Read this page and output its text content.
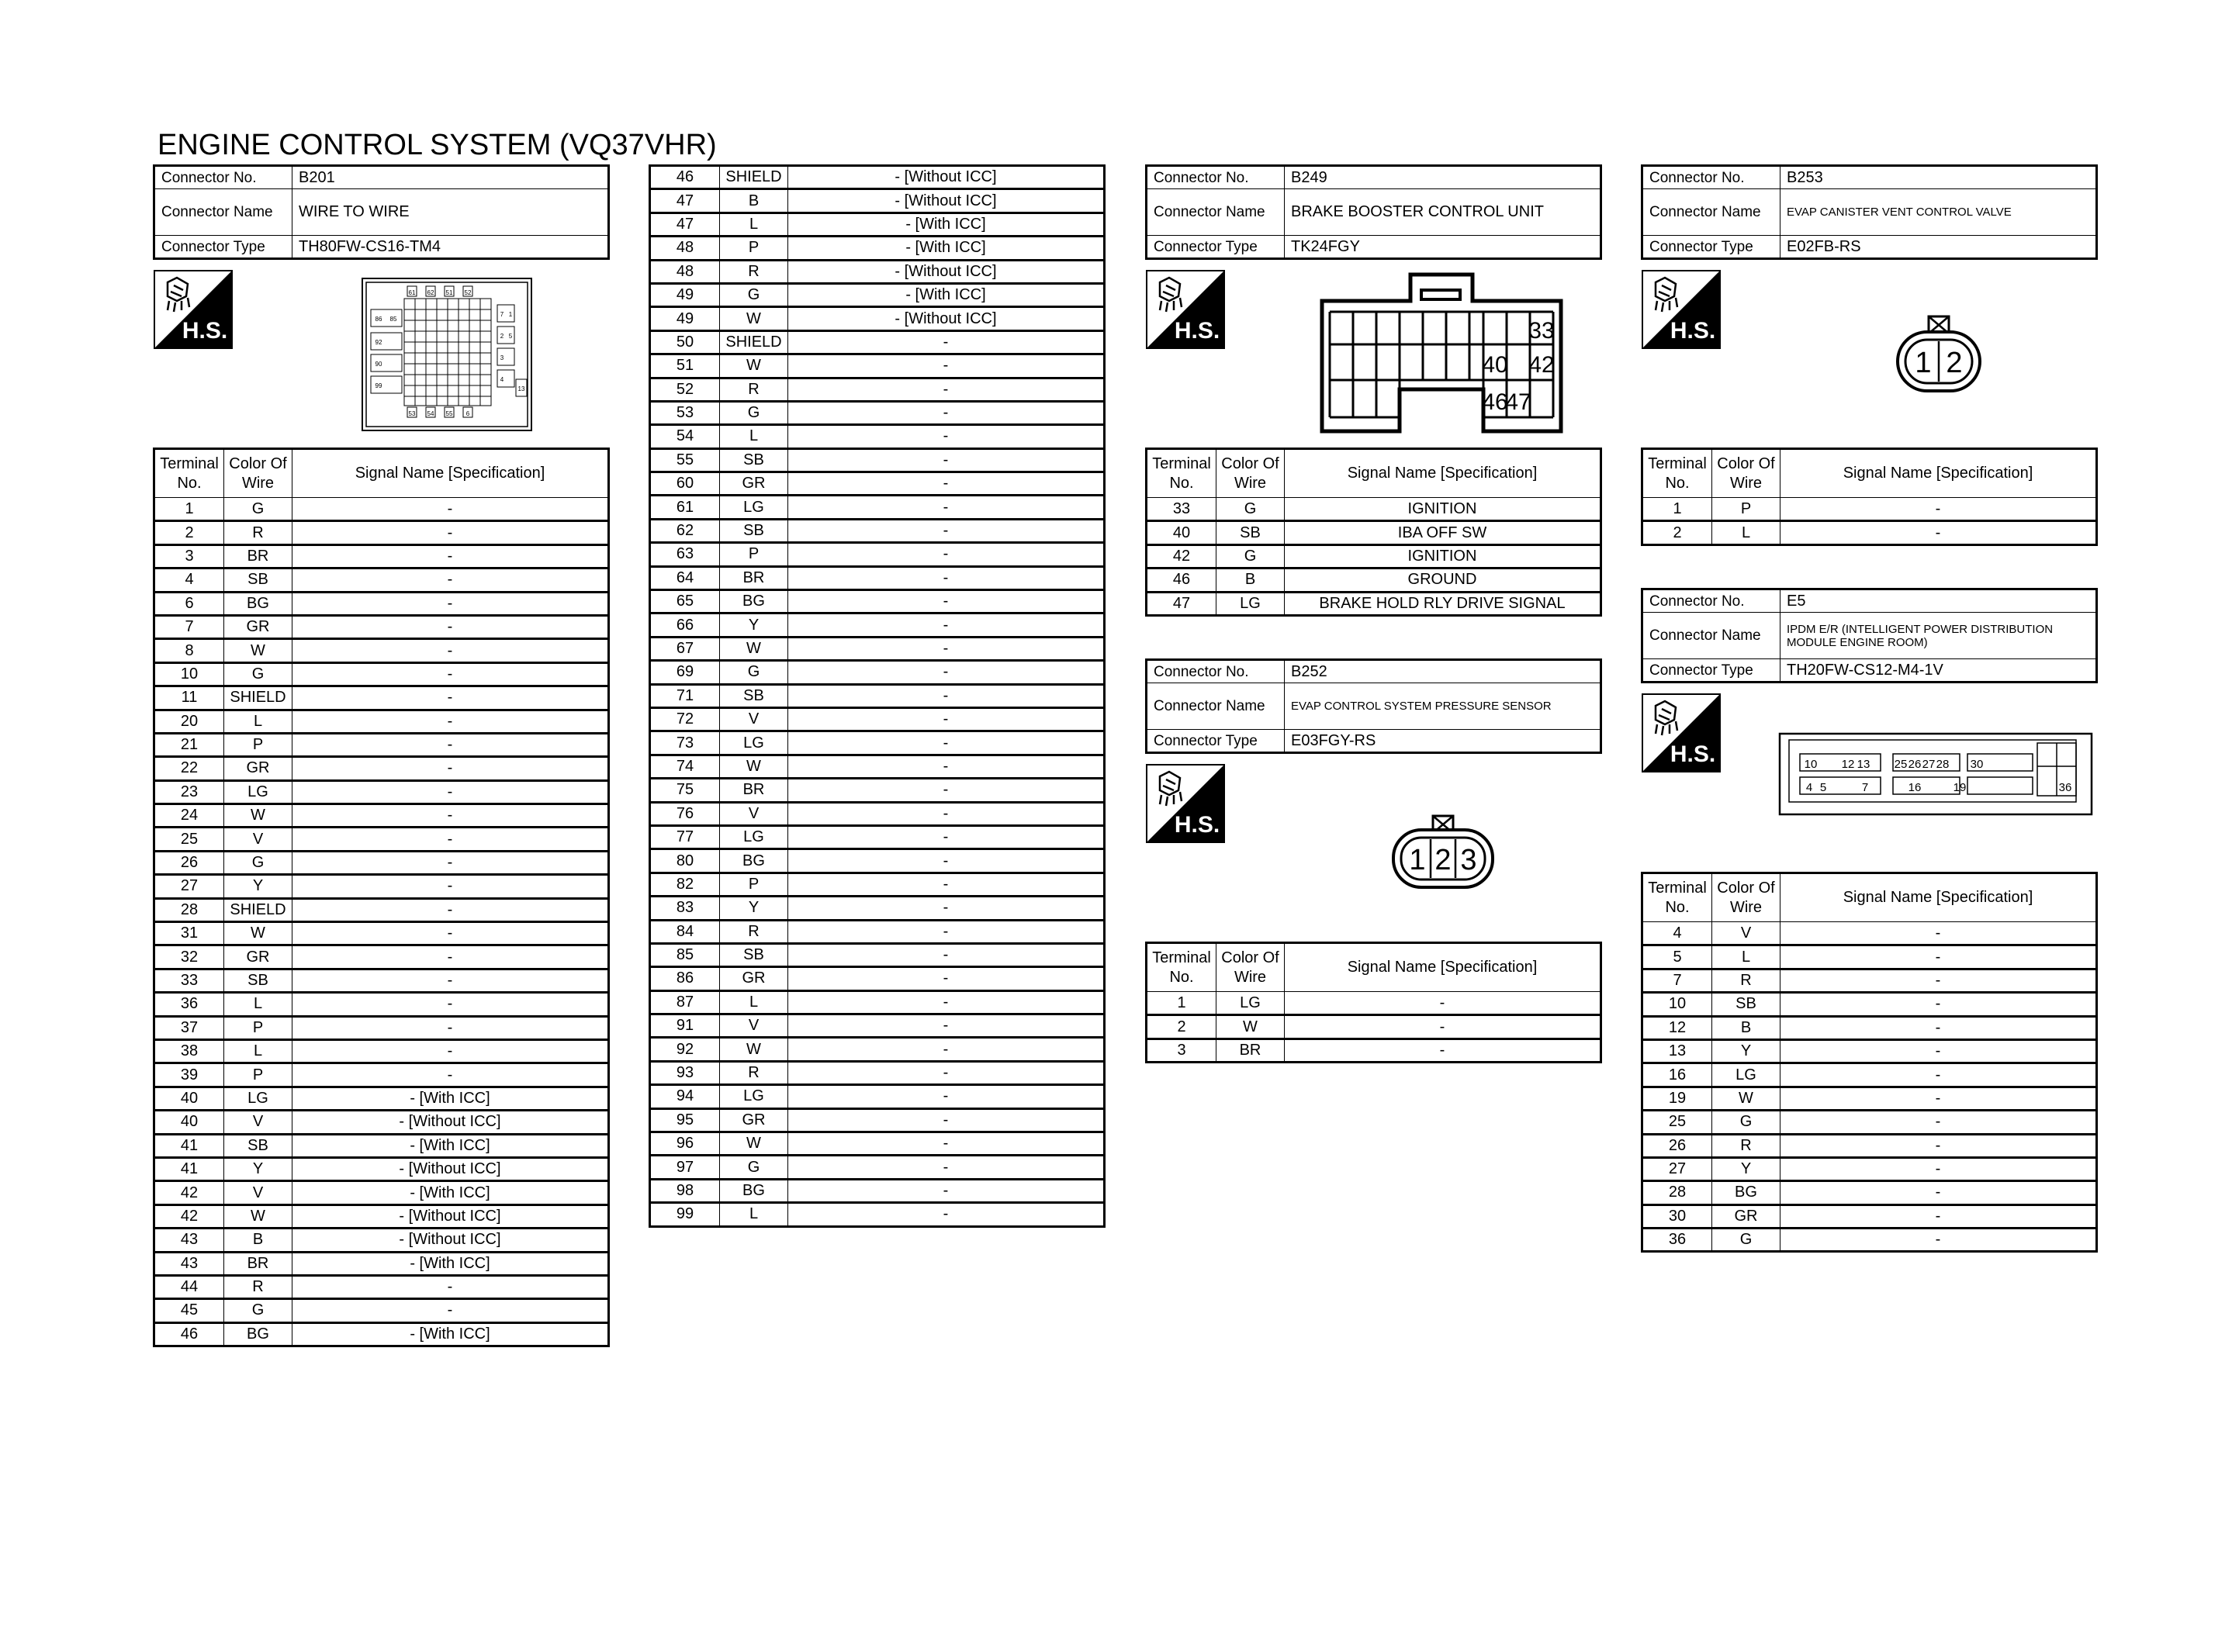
ENGINE CONTROL SYSTEM (VQ37VHR)
Connector No.	B201
Connector Name	WIRE TO WIRE
Connector Type	TH80FW-CS16-TM4
Connector No.	B249
Connector Name	BRAKE BOOSTER CONTROL UNIT
Connector Type	TK24FGY
Connector No.	B253
Connector Name	EVAP CANISTER VENT CONTROL VALVE
Connector Type	E02FB-RS
Connector No.	B252
Connector Name	EVAP CONTROL SYSTEM PRESSURE SENSOR
Connector Type	E03FGY-RS
Connector No.	E5
Connector Name	IPDM E/R (INTELLIGENT POWER DISTRIBUTION MODULE ENGINE ROOM)
Connector Type	TH20FW-CS12-M4-1V
Terminal No.	Color Of Wire	Signal Name [Specification]
1	G	-
2	R	-
3	BR	-
4	SB	-
6	BG	-
7	GR	-
8	W	-
10	G	-
11	SHIELD	-
20	L	-
21	P	-
22	GR	-
23	LG	-
24	W	-
25	V	-
26	G	-
27	Y	-
28	SHIELD	-
31	W	-
32	GR	-
33	SB	-
36	L	-
37	P	-
38	L	-
39	P	-
40	LG	- [With ICC]
40	V	- [Without ICC]
41	SB	- [With ICC]
41	Y	- [Without ICC]
42	V	- [With ICC]
42	W	- [Without ICC]
43	B	- [Without ICC]
43	BR	- [With ICC]
44	R	-
45	G	-
46	BG	- [With ICC]
46	SHIELD	- [Without ICC]
47	B	- [Without ICC]
47	L	- [With ICC]
48	P	- [With ICC]
48	R	- [Without ICC]
49	G	- [With ICC]
49	W	- [Without ICC]
50	SHIELD	-
51	W	-
52	R	-
53	G	-
54	L	-
55	SB	-
60	GR	-
61	LG	-
62	SB	-
63	P	-
64	BR	-
65	BG	-
66	Y	-
67	W	-
69	G	-
71	SB	-
72	V	-
73	LG	-
74	W	-
75	BR	-
76	V	-
77	LG	-
80	BG	-
82	P	-
83	Y	-
84	R	-
85	SB	-
86	GR	-
87	L	-
91	V	-
92	W	-
93	R	-
94	LG	-
95	GR	-
96	W	-
97	G	-
98	BG	-
99	L	-
Terminal No.	Color Of Wire	Signal Name [Specification]
33	G	IGNITION
40	SB	IBA OFF SW
42	G	IGNITION
46	B	GROUND
47	LG	BRAKE HOLD RLY DRIVE SIGNAL
Terminal No.	Color Of Wire	Signal Name [Specification]
1	LG	-
2	W	-
3	BR	-
Terminal No.	Color Of Wire	Signal Name [Specification]
1	P	-
2	L	-
Terminal No.	Color Of Wire	Signal Name [Specification]
4	V	-
5	L	-
7	R	-
10	SB	-
12	B	-
13	Y	-
16	LG	-
19	W	-
25	G	-
26	R	-
27	Y	-
28	BG	-
30	GR	-
36	G	-
H.S.	H.S.	H.S.
H.S.
H.S.
86 85
92
90
99
61 62 51 52
53 54 55 6
7 1
2
3
4
13
5	33
40 42
46
47
1 2
1 2 3
10 12 13 25 26 27 28 30
4 5	7	16	19	36
